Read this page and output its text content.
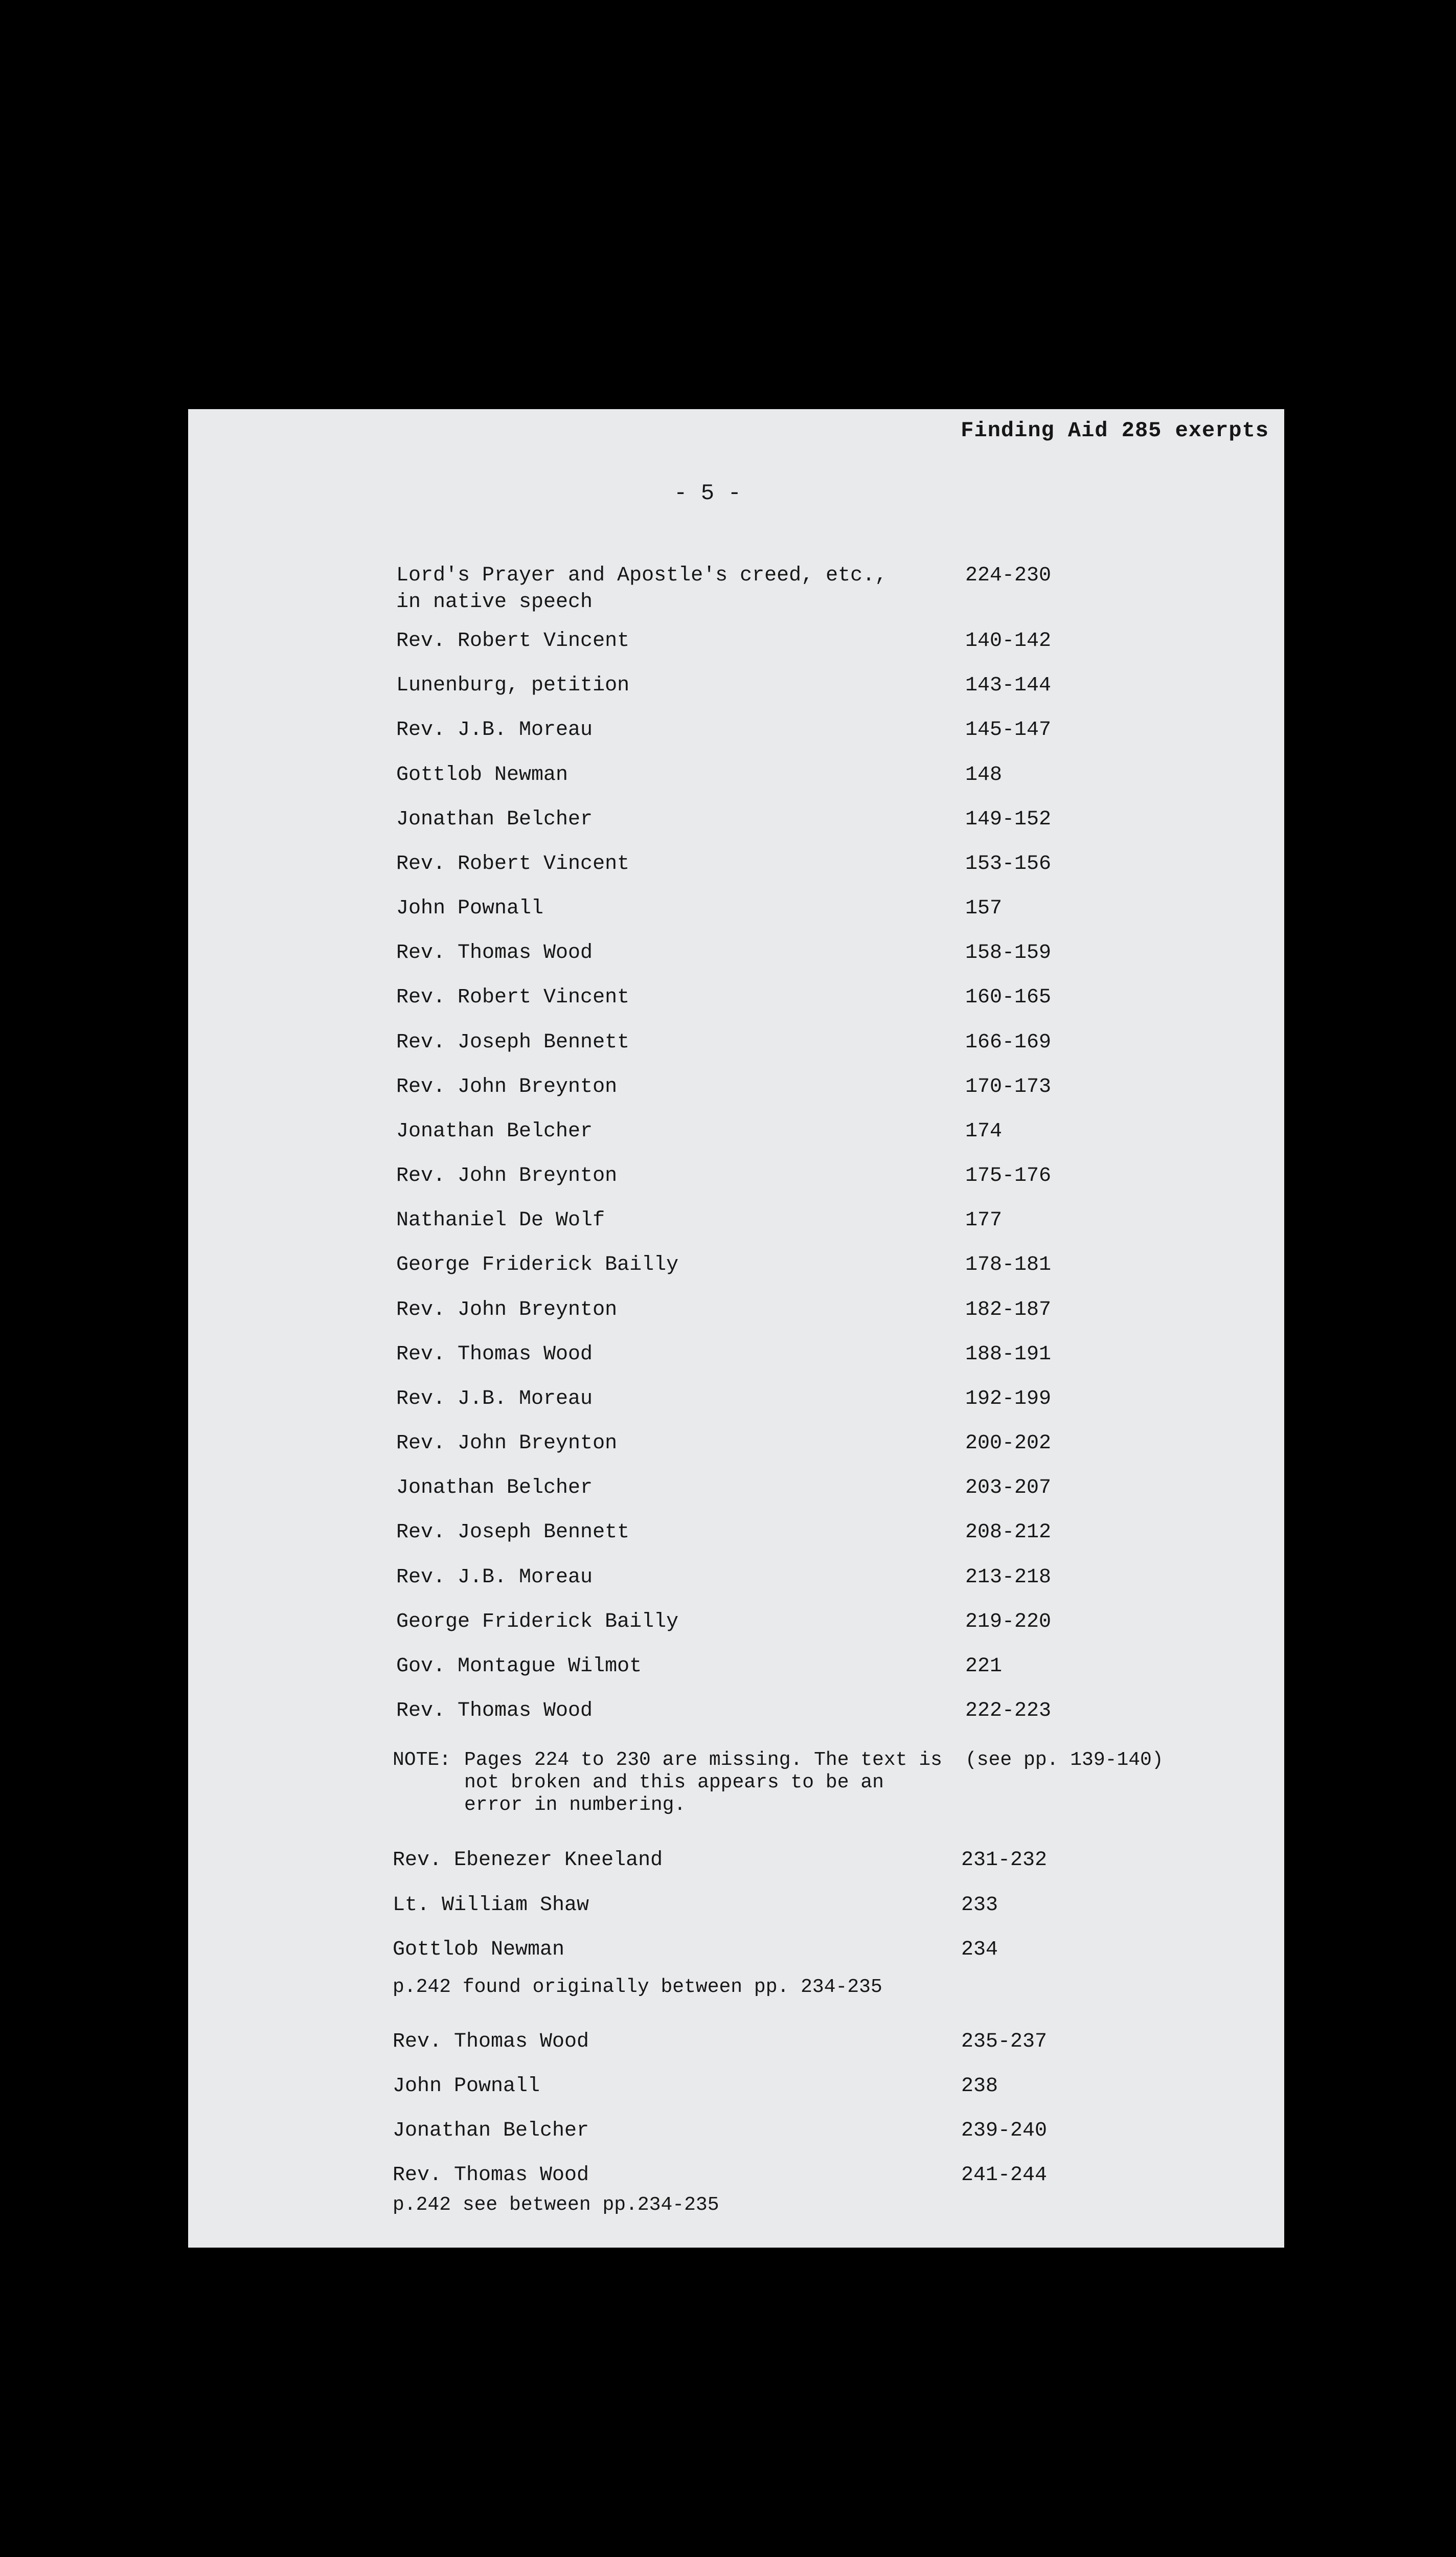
Finding Aid 285 exerpts
- 5 -
Lord's Prayer and Apostle's creed, etc.,
in native speech
224-230
Rev. Robert Vincent	140-142
Lunenburg, petition	143-144
Rev. J.B. Moreau	145-147
Gottlob Newman	148
Jonathan Belcher	149-152
Rev. Robert Vincent	153-156
John Pownall	157
Rev. Thomas Wood	158-159
Rev. Robert Vincent	160-165
Rev. Joseph Bennett	166-169
Rev. John Breynton	170-173
Jonathan Belcher	174
Rev. John Breynton	175-176
Nathaniel De Wolf	177
George Friderick Bailly	178-181
Rev. John Breynton	182-187
Rev. Thomas Wood	188-191
Rev. J.B. Moreau	192-199
Rev. John Breynton	200-202
Jonathan Belcher	203-207
Rev. Joseph Bennett	208-212
Rev. J.B. Moreau	213-218
George Friderick Bailly	219-220
Gov. Montague Wilmot	221
Rev. Thomas Wood	222-223
NOTE: Pages 224 to 230 are missing. The text is not broken and this appears to be an error in numbering.
(see pp. 139-140)
Rev. Ebenezer Kneeland	231-232
Lt. William Shaw	233
Gottlob Newman	234
p.242 found originally between pp. 234-235
Rev. Thomas Wood	235-237
John Pownall	238
Jonathan Belcher	239-240
Rev. Thomas Wood	241-244
p.242 see between pp.234-235
